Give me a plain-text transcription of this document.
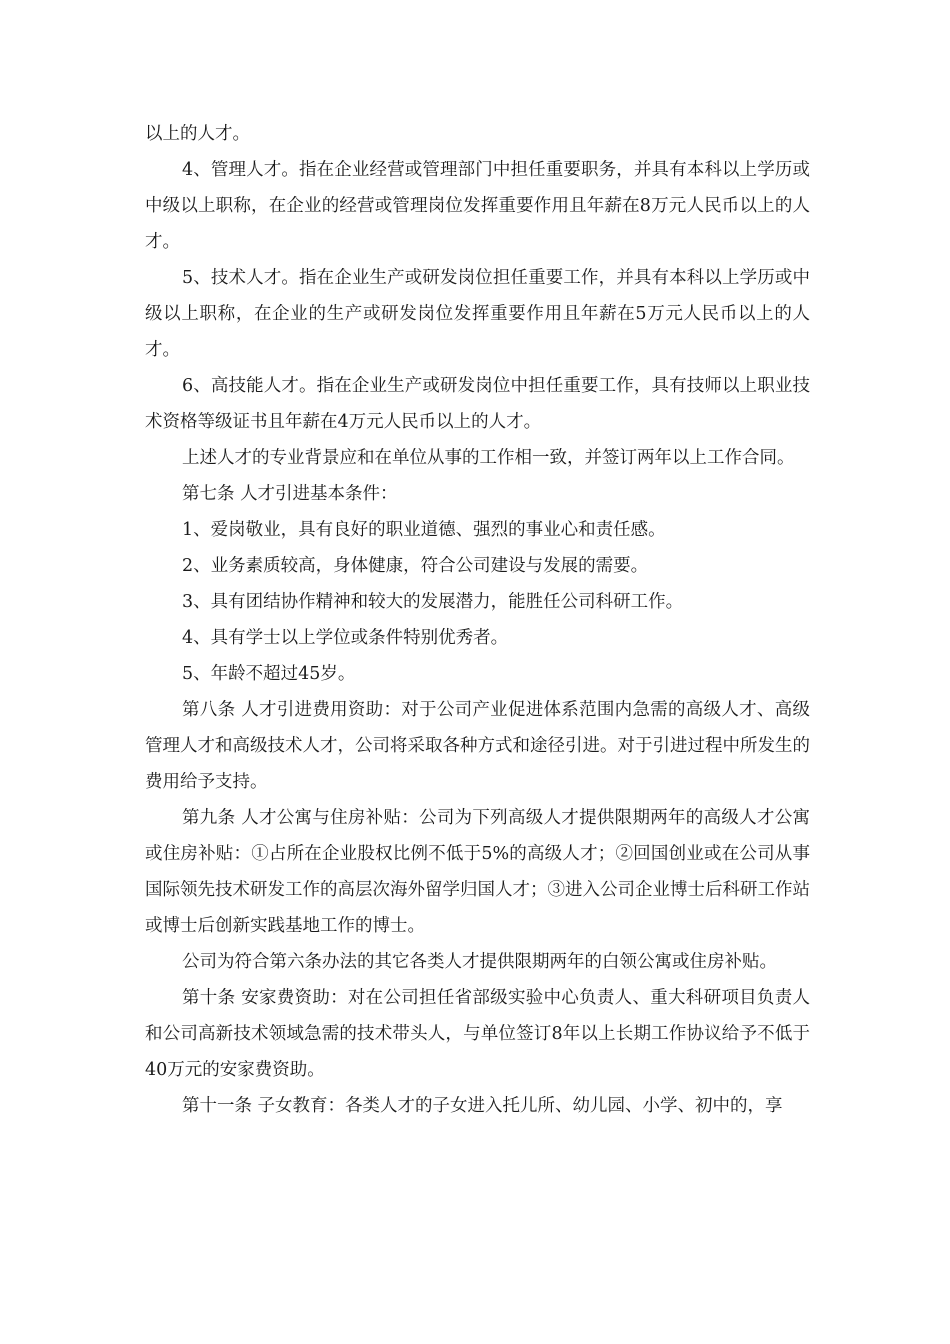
以上的人才。

4、管理人才。指在企业经营或管理部门中担任重要职务，并具有本科以上学历或中级以上职称，在企业的经营或管理岗位发挥重要作用且年薪在8万元人民币以上的人才。

5、技术人才。指在企业生产或研发岗位担任重要工作，并具有本科以上学历或中级以上职称，在企业的生产或研发岗位发挥重要作用且年薪在5万元人民币以上的人才。

6、高技能人才。指在企业生产或研发岗位中担任重要工作，具有技师以上职业技术资格等级证书且年薪在4万元人民币以上的人才。

上述人才的专业背景应和在单位从事的工作相一致，并签订两年以上工作合同。

第七条 人才引进基本条件：

1、爱岗敬业，具有良好的职业道德、强烈的事业心和责任感。

2、业务素质较高，身体健康，符合公司建设与发展的需要。

3、具有团结协作精神和较大的发展潜力，能胜任公司科研工作。

4、具有学士以上学位或条件特别优秀者。

5、年龄不超过45岁。

第八条 人才引进费用资助：对于公司产业促进体系范围内急需的高级人才、高级管理人才和高级技术人才，公司将采取各种方式和途径引进。对于引进过程中所发生的费用给予支持。

第九条 人才公寓与住房补贴：公司为下列高级人才提供限期两年的高级人才公寓或住房补贴：①占所在企业股权比例不低于5%的高级人才；②回国创业或在公司从事国际领先技术研发工作的高层次海外留学归国人才；③进入公司企业博士后科研工作站或博士后创新实践基地工作的博士。

公司为符合第六条办法的其它各类人才提供限期两年的白领公寓或住房补贴。

第十条 安家费资助：对在公司担任省部级实验中心负责人、重大科研项目负责人和公司高新技术领域急需的技术带头人，与单位签订8年以上长期工作协议给予不低于40万元的安家费资助。

第十一条 子女教育：各类人才的子女进入托儿所、幼儿园、小学、初中的，享
